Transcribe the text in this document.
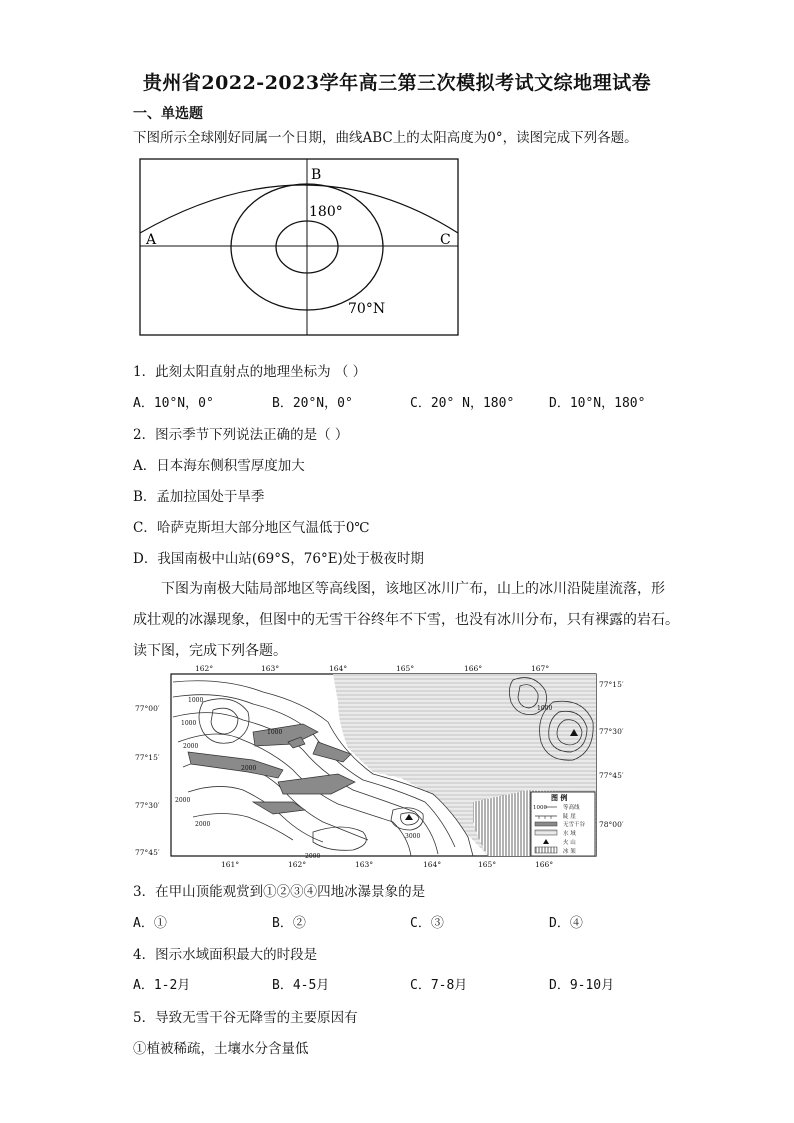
贵州省2022-2023学年高三第三次模拟考试文综地理试卷
一、单选题
下图所示全球刚好同属一个日期，曲线ABC上的太阳高度为0°，读图完成下列各题。
B
A	C
180°
70°N
1．此刻太阳直射点的地理坐标为 （ ）
A．10°N，0°	B．20°N，0°	C．20° N，180°	D．10°N，180°
2．图示季节下列说法正确的是（ ）
A．日本海东侧积雪厚度加大
B．孟加拉国处于旱季
C．哈萨克斯坦大部分地区气温低于0℃
D．我国南极中山站(69°S，76°E)处于极夜时期
下图为南极大陆局部地区等高线图，该地区冰川广布，山上的冰川沿陡崖流落，形
成壮观的冰瀑现象，但图中的无雪干谷终年不下雪，也没有冰川分布，只有裸露的岩石。
读下图，完成下列各题。
162°	163°	164°	165°	166°	167°
161°	162°	163°	164°	165°	166°
77°00′
77°15′
77°30′
77°45′
77°15′
77°30′
77°45′
78°00′
1000
1000
1000
2000
2000
2000
2000
2000
3000
1000
图 例
1000	等高线
陡 崖
无雪干谷
水 域
火 山
冰 架
3．在甲山顶能观赏到①②③④四地冰瀑景象的是
A．①	B．②	C．③	D．④
4．图示水域面积最大的时段是
A．1-2月	B．4-5月	C．7-8月	D．9-10月
5．导致无雪干谷无降雪的主要原因有
①植被稀疏，土壤水分含量低
